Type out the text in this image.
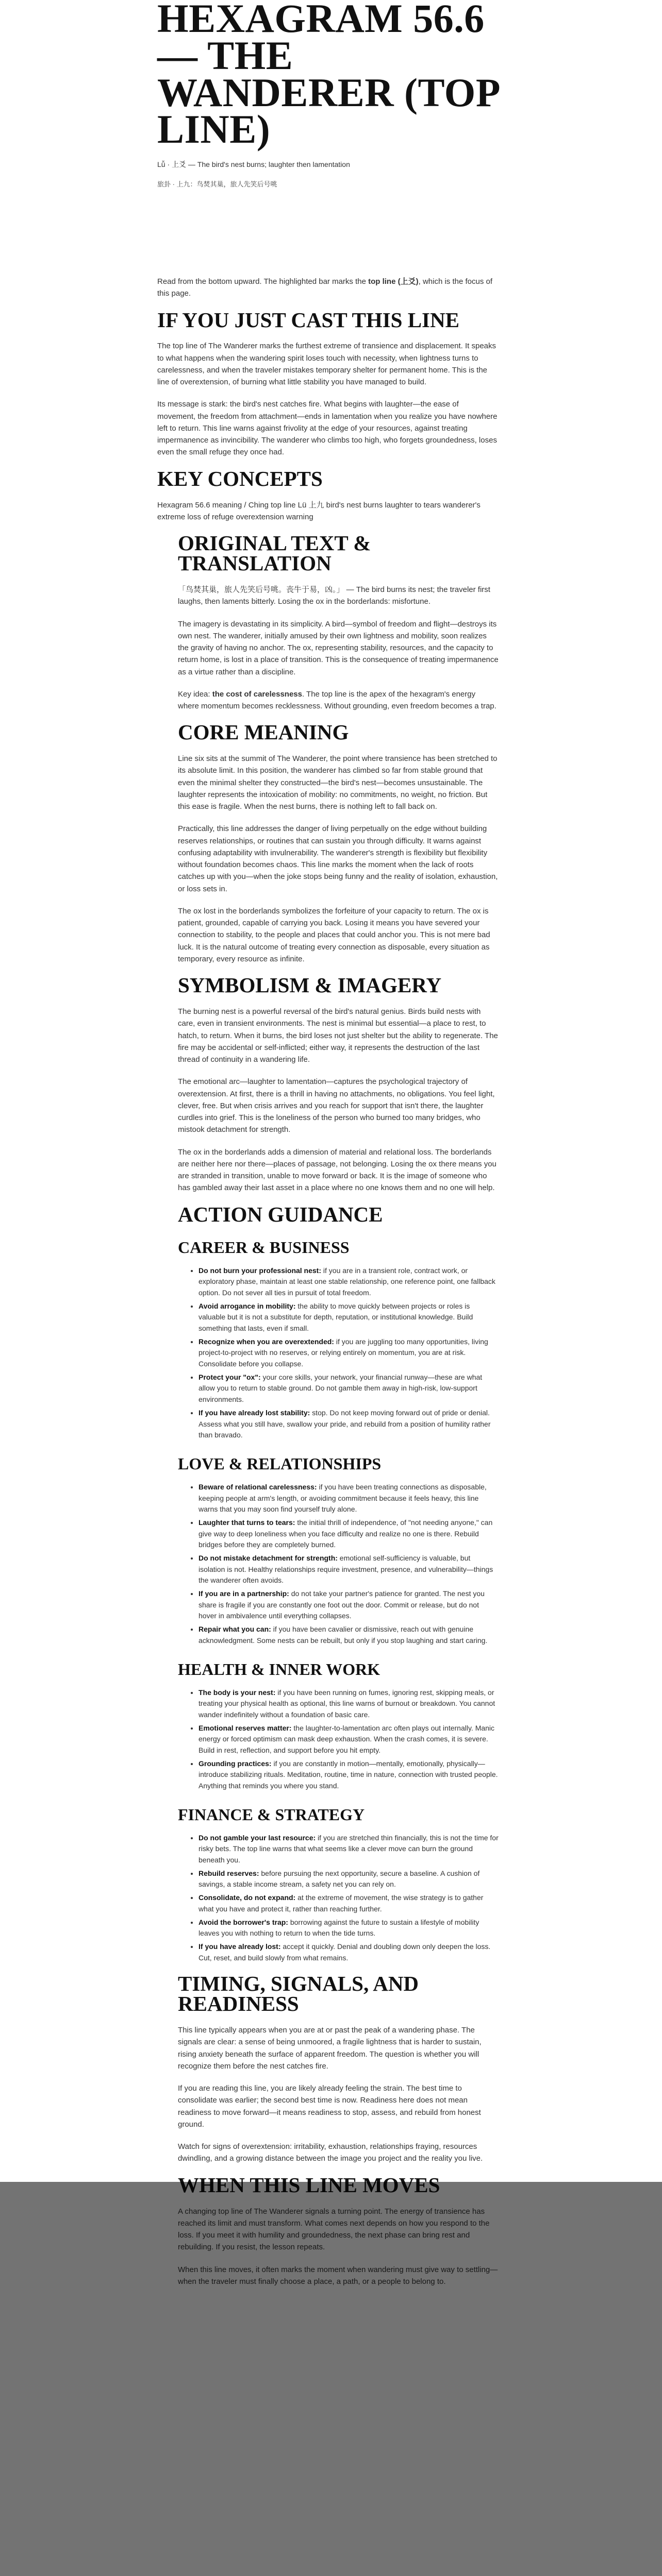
HEXAGRAM 56.6 — THE WANDERER (TOP LINE)
Lǚ · 上爻 — The bird's nest burns; laughter then lamentation
旅卦 · 上九：鸟焚其巢，旅人先笑后号咷

Read from the bottom upward. The highlighted bar marks the top line (上爻), which is the focus of this page.

IF YOU JUST CAST THIS LINE

The top line of The Wanderer marks the furthest extreme of transience and displacement. It speaks to what happens when the wandering spirit loses touch with necessity, when lightness turns to carelessness, and when the traveler mistakes temporary shelter for permanent home. This is the line of overextension, of burning what little stability you have managed to build.

Its message is stark: the bird's nest catches fire. What begins with laughter—the ease of movement, the freedom from attachment—ends in lamentation when you realize you have nowhere left to return. This line warns against frivolity at the edge of your resources, against treating impermanence as invincibility. The wanderer who climbs too high, who forgets groundedness, loses even the small refuge they once had.

KEY CONCEPTS

Hexagram 56.6 meaning / Ching top line Lü 上九 bird's nest burns laughter to tears wanderer's extreme loss of refuge overextension warning

ORIGINAL TEXT & TRANSLATION

「鸟焚其巢，旅人先笑后号咷。丧牛于易，凶。」 — The bird burns its nest; the traveler first laughs, then laments bitterly. Losing the ox in the borderlands: misfortune.

The imagery is devastating in its simplicity. A bird—symbol of freedom and flight—destroys its own nest. The wanderer, initially amused by their own lightness and mobility, soon realizes the gravity of having no anchor. The ox, representing stability, resources, and the capacity to return home, is lost in a place of transition. This is the consequence of treating impermanence as a virtue rather than a discipline.

Key idea: the cost of carelessness. The top line is the apex of the hexagram's energy where momentum becomes recklessness. Without grounding, even freedom becomes a trap.

CORE MEANING

Line six sits at the summit of The Wanderer, the point where transience has been stretched to its absolute limit. In this position, the wanderer has climbed so far from stable ground that even the minimal shelter they constructed—the bird's nest—becomes unsustainable. The laughter represents the intoxication of mobility: no commitments, no weight, no friction. But this ease is fragile. When the nest burns, there is nothing left to fall back on.

Practically, this line addresses the danger of living perpetually on the edge without building reserves relationships, or routines that can sustain you through difficulty. It warns against confusing adaptability with invulnerability. The wanderer's strength is flexibility but flexibility without foundation becomes chaos. This line marks the moment when the lack of roots catches up with you—when the joke stops being funny and the reality of isolation, exhaustion, or loss sets in.

The ox lost in the borderlands symbolizes the forfeiture of your capacity to return. The ox is patient, grounded, capable of carrying you back. Losing it means you have severed your connection to stability, to the people and places that could anchor you. This is not mere bad luck. It is the natural outcome of treating every connection as disposable, every situation as temporary, every resource as infinite.

SYMBOLISM & IMAGERY

The burning nest is a powerful reversal of the bird's natural genius. Birds build nests with care, even in transient environments. The nest is minimal but essential—a place to rest, to hatch, to return. When it burns, the bird loses not just shelter but the ability to regenerate. The fire may be accidental or self-inflicted; either way, it represents the destruction of the last thread of continuity in a wandering life.

The emotional arc—laughter to lamentation—captures the psychological trajectory of overextension. At first, there is a thrill in having no attachments, no obligations. You feel light, clever, free. But when crisis arrives and you reach for support that isn't there, the laughter curdles into grief. This is the loneliness of the person who burned too many bridges, who mistook detachment for strength.

The ox in the borderlands adds a dimension of material and relational loss. The borderlands are neither here nor there—places of passage, not belonging. Losing the ox there means you are stranded in transition, unable to move forward or back. It is the image of someone who has gambled away their last asset in a place where no one knows them and no one will help.

ACTION GUIDANCE
CAREER & BUSINESS
• Do not burn your professional nest: if you are in a transient role, contract work, or exploratory phase, maintain at least one stable relationship, one reference point, one fallback option. Do not sever all ties in pursuit of total freedom.
• Avoid arrogance in mobility: the ability to move quickly between projects or roles is valuable but it is not a substitute for depth, reputation, or institutional knowledge. Build something that lasts, even if small.
• Recognize when you are overextended: if you are juggling too many opportunities, living project-to-project with no reserves, or relying entirely on momentum, you are at risk. Consolidate before you collapse.
• Protect your "ox": your core skills, your network, your financial runway—these are what allow you to return to stable ground. Do not gamble them away in high-risk, low-support environments.
• If you have already lost stability: stop. Do not keep moving forward out of pride or denial. Assess what you still have, swallow your pride, and rebuild from a position of humility rather than bravado.
LOVE & RELATIONSHIPS
• Beware of relational carelessness: if you have been treating connections as disposable, keeping people at arm's length, or avoiding commitment because it feels heavy, this line warns that you may soon find yourself truly alone.
• Laughter that turns to tears: the initial thrill of independence, of "not needing anyone," can give way to deep loneliness when you face difficulty and realize no one is there. Rebuild bridges before they are completely burned.
• Do not mistake detachment for strength: emotional self-sufficiency is valuable, but isolation is not. Healthy relationships require investment, presence, and vulnerability—things the wanderer often avoids.
• If you are in a partnership: do not take your partner's patience for granted. The nest you share is fragile if you are constantly one foot out the door. Commit or release, but do not hover in ambivalence until everything collapses.
• Repair what you can: if you have been cavalier or dismissive, reach out with genuine acknowledgment. Some nests can be rebuilt, but only if you stop laughing and start caring.
HEALTH & INNER WORK
• The body is your nest: if you have been running on fumes, ignoring rest, skipping meals, or treating your physical health as optional, this line warns of burnout or breakdown. You cannot wander indefinitely without a foundation of basic care.
• Emotional reserves matter: the laughter-to-lamentation arc often plays out internally. Manic energy or forced optimism can mask deep exhaustion. When the crash comes, it is severe. Build in rest, reflection, and support before you hit empty.
• Grounding practices: if you are constantly in motion—mentally, emotionally, physically—introduce stabilizing rituals. Meditation, routine, time in nature, connection with trusted people. Anything that reminds you where you stand.
FINANCE & STRATEGY
• Do not gamble your last resource: if you are stretched thin financially, this is not the time for risky bets. The top line warns that what seems like a clever move can burn the ground beneath you.
• Rebuild reserves: before pursuing the next opportunity, secure a baseline. A cushion of savings, a stable income stream, a safety net you can rely on.
• Consolidate, do not expand: at the extreme of movement, the wise strategy is to gather what you have and protect it, rather than reaching further.
• Avoid the borrower's trap: borrowing against the future to sustain a lifestyle of mobility leaves you with nothing to return to when the tide turns.
• If you have already lost: accept it quickly. Denial and doubling down only deepen the loss. Cut, reset, and build slowly from what remains.
TIMING, SIGNALS, AND READINESS

This line typically appears when you are at or past the peak of a wandering phase. The signals are clear: a sense of being unmoored, a fragile lightness that is harder to sustain, rising anxiety beneath the surface of apparent freedom. The question is whether you will recognize them before the nest catches fire.

If you are reading this line, you are likely already feeling the strain. The best time to consolidate was earlier; the second best time is now. Readiness here does not mean readiness to move forward—it means readiness to stop, assess, and rebuild from honest ground.

Watch for signs of overextension: irritability, exhaustion, relationships fraying, resources dwindling, and a growing distance between the image you project and the reality you live.
